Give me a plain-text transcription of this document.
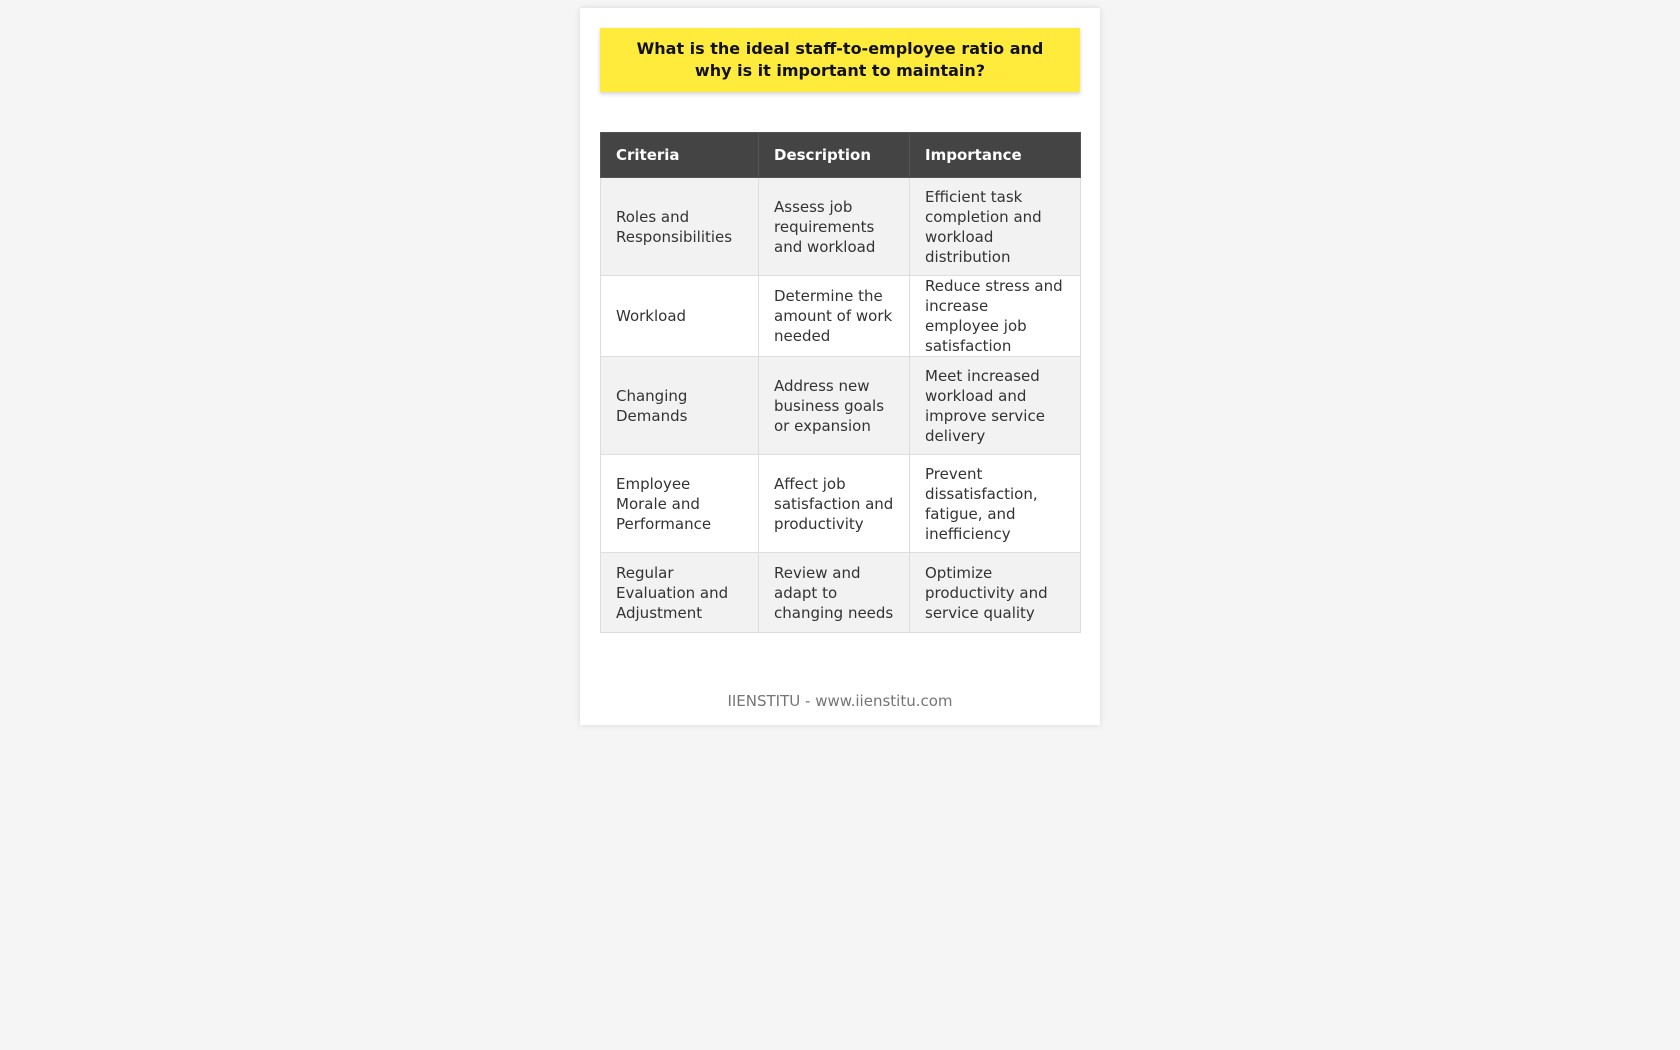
What is the ideal staff-to-employee ratio and why is it important to maintain?
Criteria	Description	Importance
Roles and Responsibilities	Assess job requirements and workload	Efficient task completion and workload distribution
Workload	Determine the amount of work needed	Reduce stress and increase employee job satisfaction
Changing Demands	Address new business goals or expansion	Meet increased workload and improve service delivery
Employee Morale and Performance	Affect job satisfaction and productivity	Prevent dissatisfaction, fatigue, and inefficiency
Regular Evaluation and Adjustment	Review and adapt to changing needs	Optimize productivity and service quality
IIENSTITU - www.iienstitu.com
